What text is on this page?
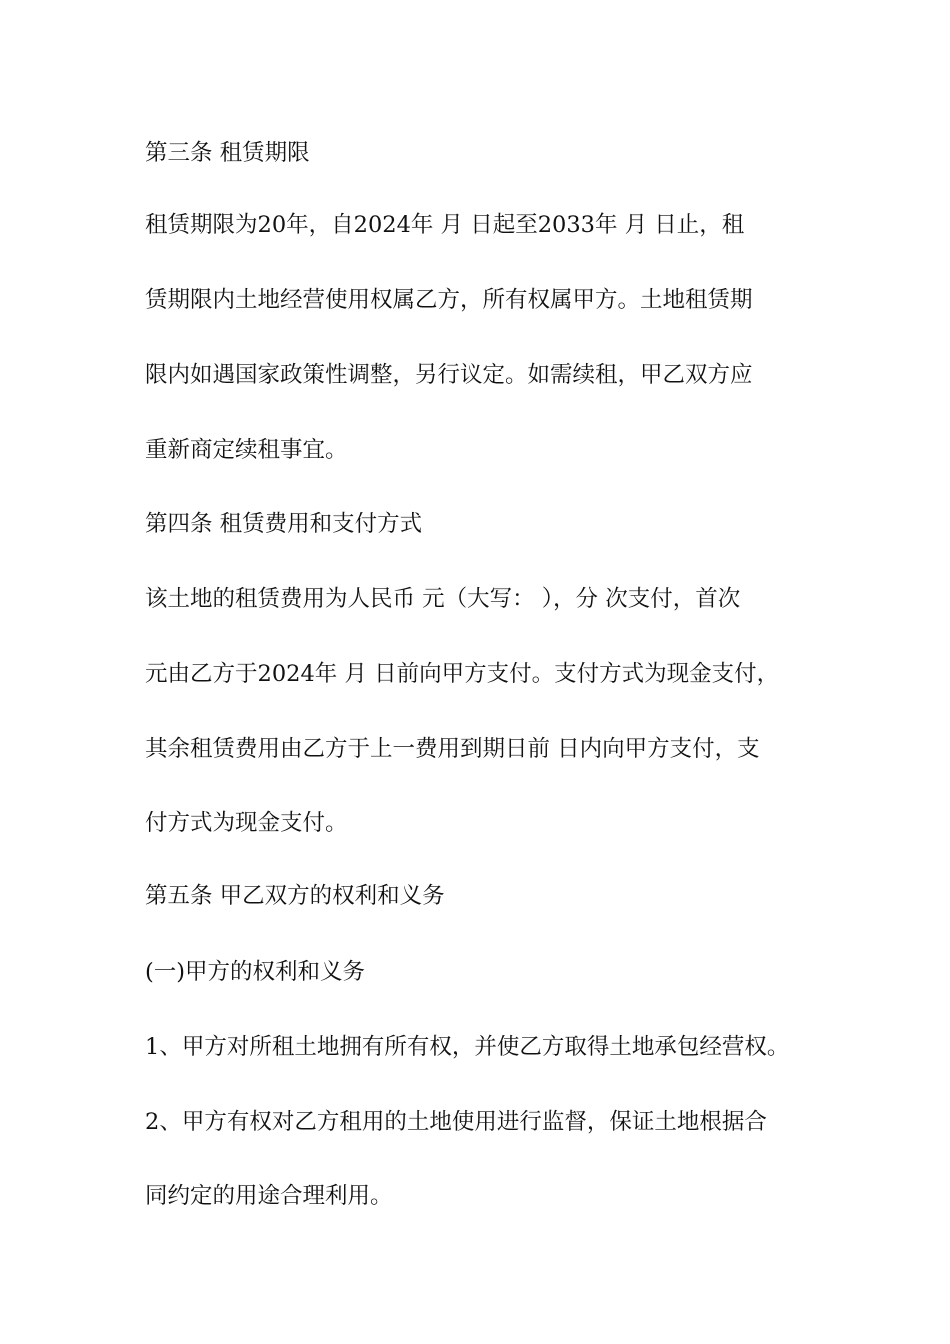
第三条 租赁期限
租赁期限为20年，自2024年 月 日起至2033年 月 日止，租
赁期限内土地经营使用权属乙方，所有权属甲方。土地租赁期
限内如遇国家政策性调整，另行议定。如需续租，甲乙双方应
重新商定续租事宜。
第四条 租赁费用和支付方式
该土地的租赁费用为人民币 元（大写： ），分 次支付，首次
元由乙方于2024年 月 日前向甲方支付。支付方式为现金支付，
其余租赁费用由乙方于上一费用到期日前 日内向甲方支付，支
付方式为现金支付。
第五条 甲乙双方的权利和义务
(一)甲方的权利和义务
1、甲方对所租土地拥有所有权，并使乙方取得土地承包经营权。
2、甲方有权对乙方租用的土地使用进行监督，保证土地根据合
同约定的用途合理利用。
